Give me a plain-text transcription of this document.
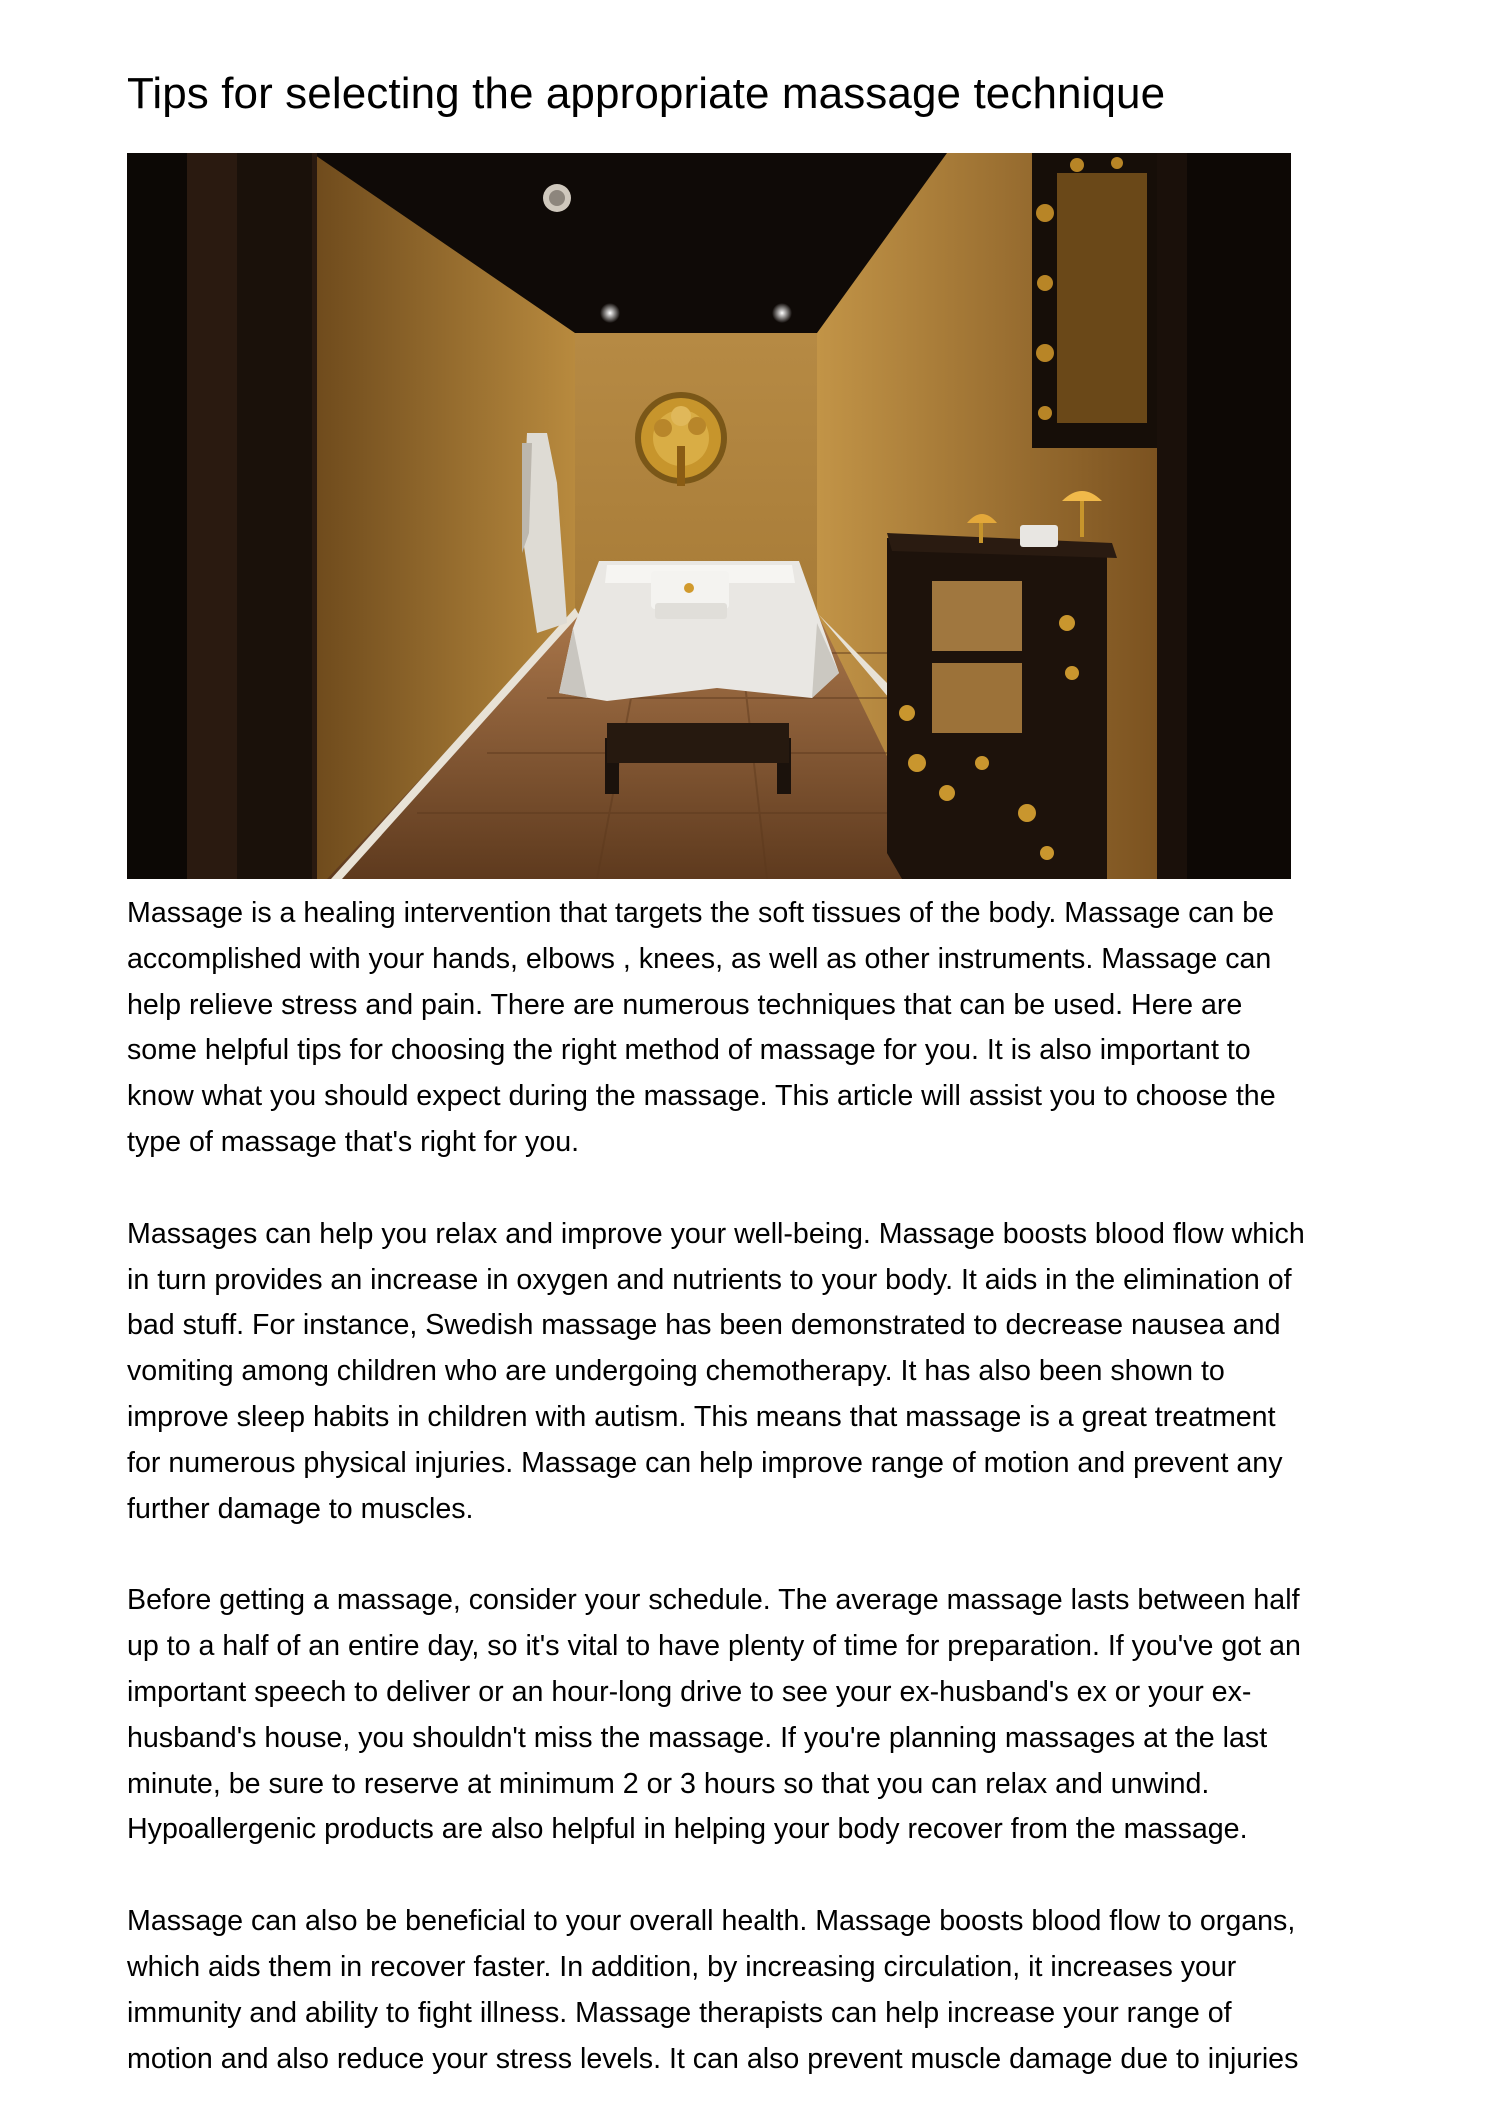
Tips for selecting the appropriate massage technique

Massage is a healing intervention that targets the soft tissues of the body. Massage can be
accomplished with your hands, elbows , knees, as well as other instruments. Massage can
help relieve stress and pain. There are numerous techniques that can be used. Here are
some helpful tips for choosing the right method of massage for you. It is also important to
know what you should expect during the massage. This article will assist you to choose the
type of massage that's right for you.

Massages can help you relax and improve your well-being. Massage boosts blood flow which
in turn provides an increase in oxygen and nutrients to your body. It aids in the elimination of
bad stuff. For instance, Swedish massage has been demonstrated to decrease nausea and
vomiting among children who are undergoing chemotherapy. It has also been shown to
improve sleep habits in children with autism. This means that massage is a great treatment
for numerous physical injuries. Massage can help improve range of motion and prevent any
further damage to muscles.

Before getting a massage, consider your schedule. The average massage lasts between half
up to a half of an entire day, so it's vital to have plenty of time for preparation. If you've got an
important speech to deliver or an hour-long drive to see your ex-husband's ex or your ex-
husband's house, you shouldn't miss the massage. If you're planning massages at the last
minute, be sure to reserve at minimum 2 or 3 hours so that you can relax and unwind.
Hypoallergenic products are also helpful in helping your body recover from the massage.

Massage can also be beneficial to your overall health. Massage boosts blood flow to organs,
which aids them in recover faster. In addition, by increasing circulation, it increases your
immunity and ability to fight illness. Massage therapists can help increase your range of
motion and also reduce your stress levels. It can also prevent muscle damage due to injuries
